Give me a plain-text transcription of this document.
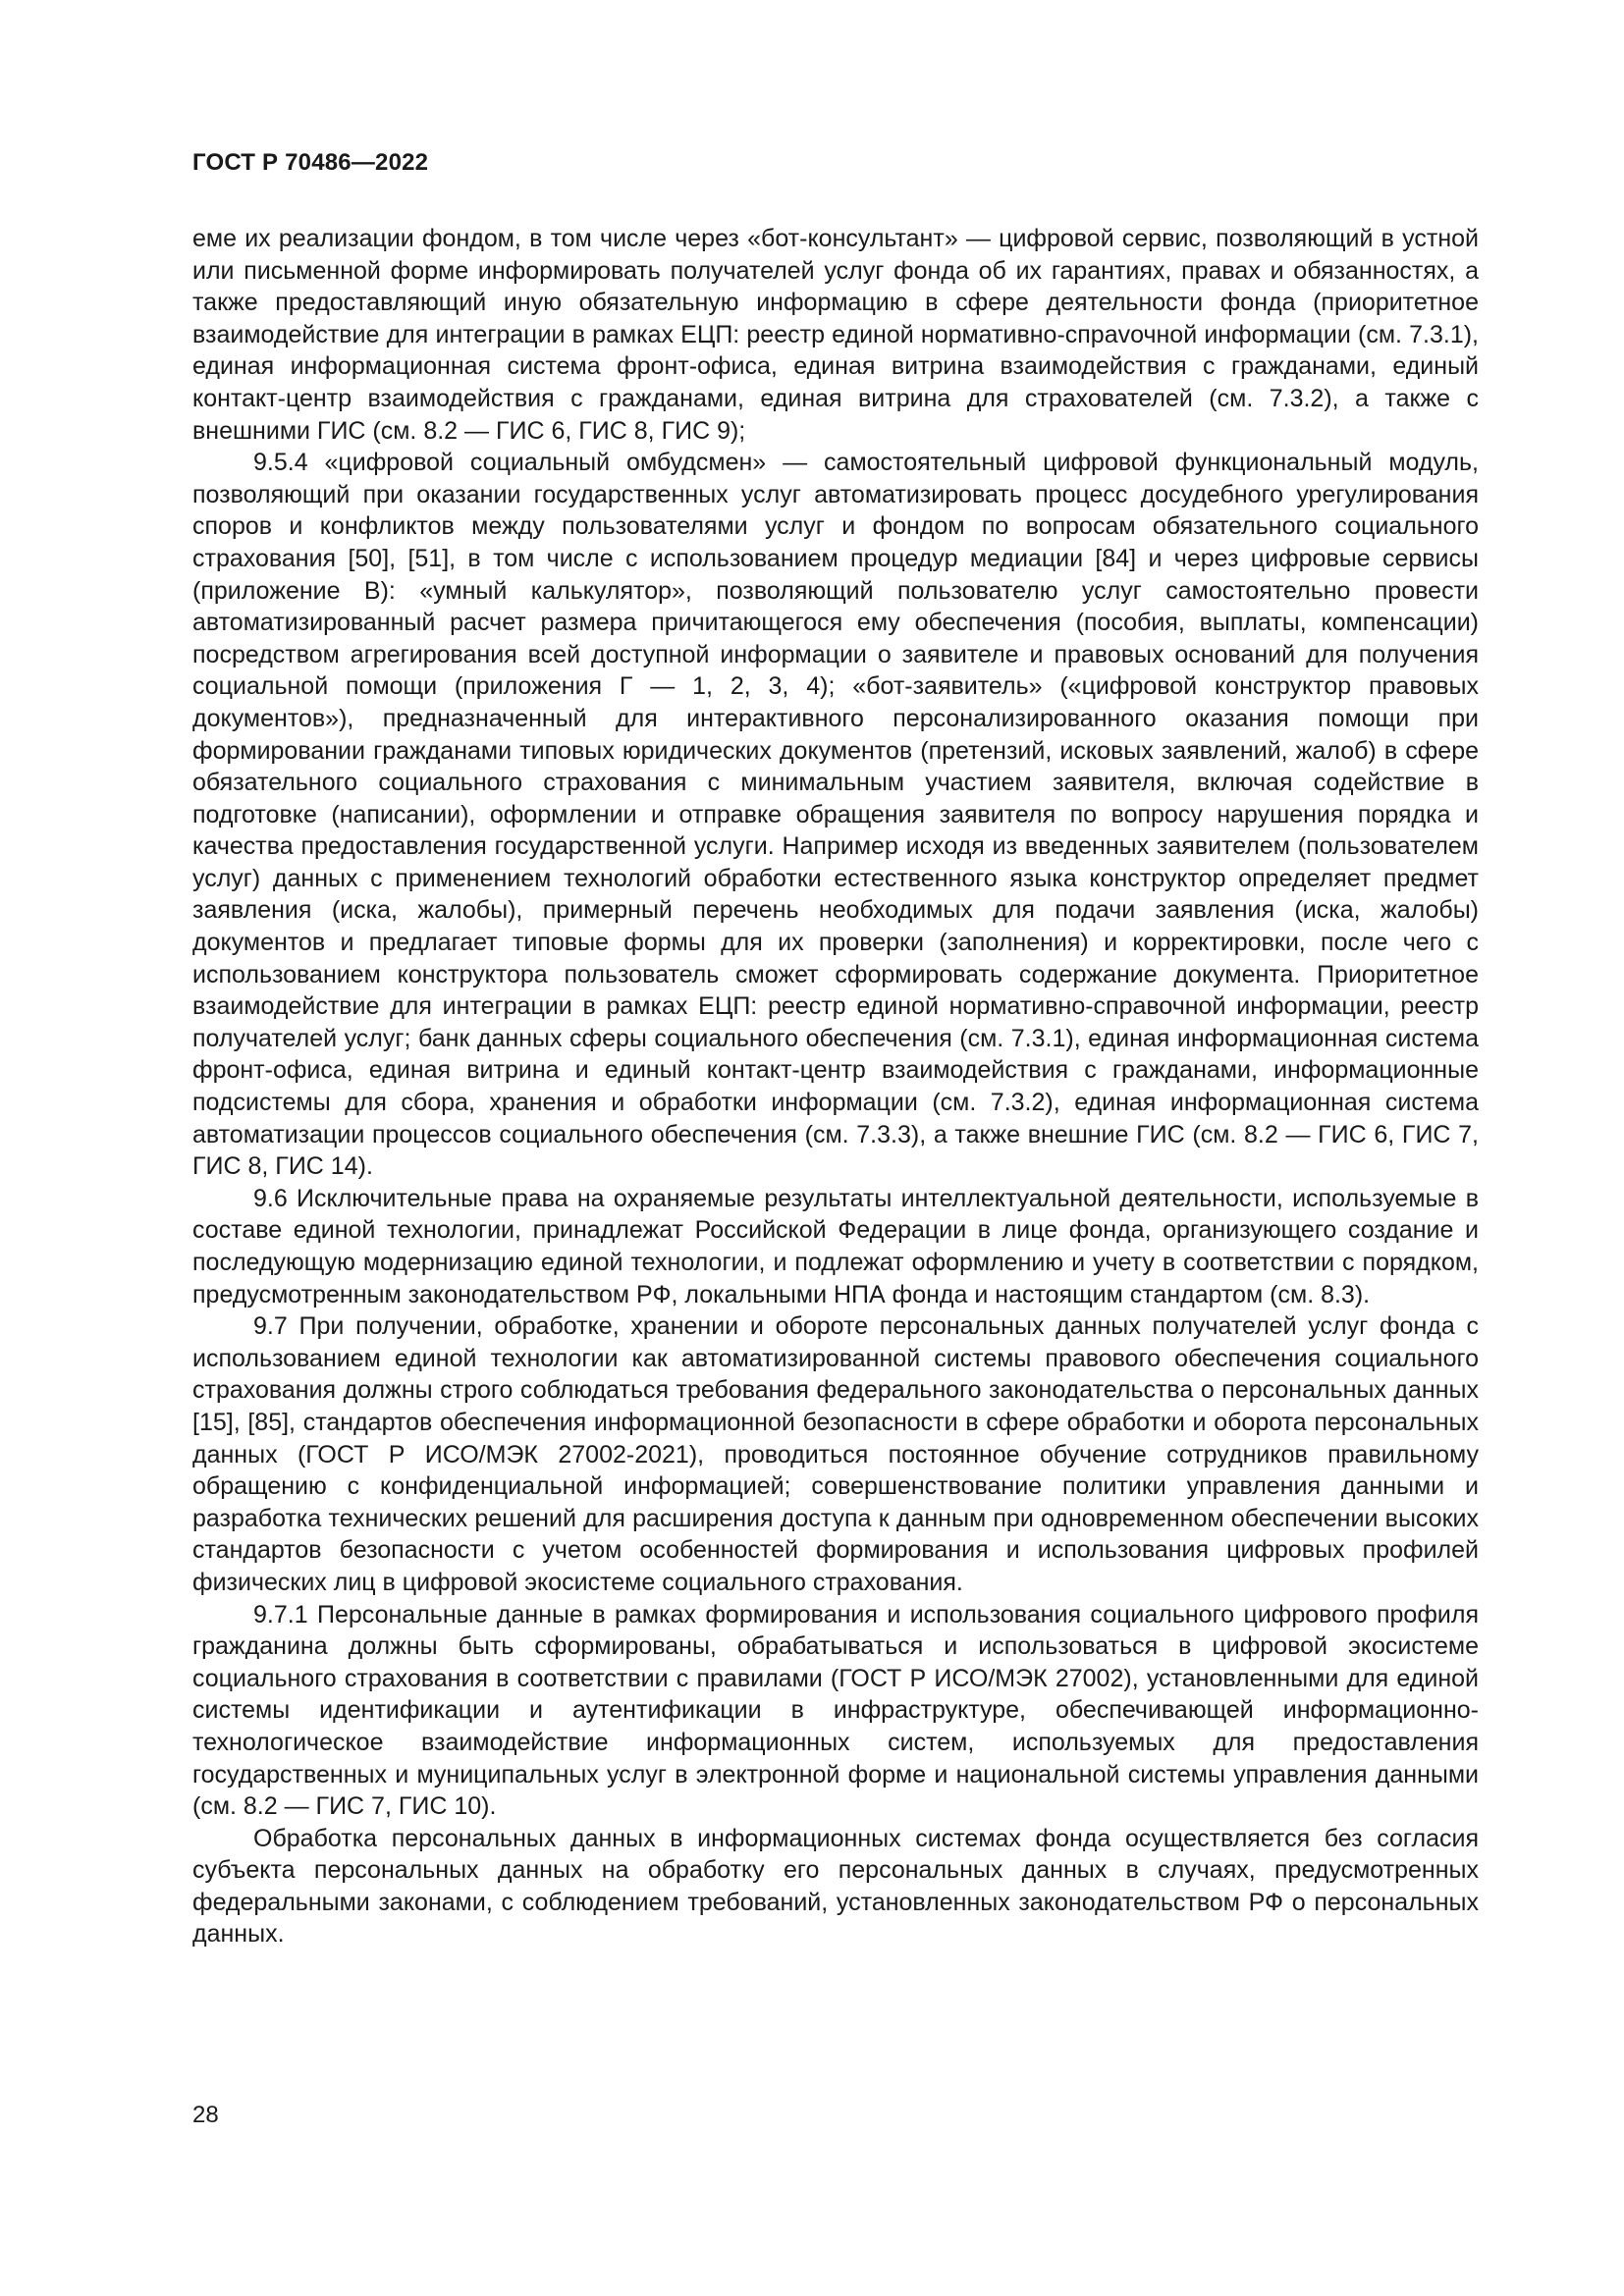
ГОСТ Р 70486—2022

еме их реализации фондом, в том числе через «бот-консультант» — цифровой сервис, позволяющий в устной или письменной форме информировать получателей услуг фонда об их гарантиях, правах и обязанностях, а также предоставляющий иную обязательную информацию в сфере деятельности фонда (приоритетное взаимодействие для интеграции в рамках ЕЦП: реестр единой нормативно-спраvочной информации (см. 7.3.1), единая информационная система фронт-офиса, единая витрина взаимодействия с гражданами, единый контакт-центр взаимодействия с гражданами, единая витрина для страхователей (см. 7.3.2), а также с внешними ГИС (см. 8.2 — ГИС 6, ГИС 8, ГИС 9);

9.5.4 «цифровой социальный омбудсмен» — самостоятельный цифровой функциональный модуль, позволяющий при оказании государственных услуг автоматизировать процесс досудебного урегулирования споров и конфликтов между пользователями услуг и фондом по вопросам обязательного социального страхования [50], [51], в том числе с использованием процедур медиации [84] и через цифровые сервисы (приложение В): «умный калькулятор», позволяющий пользователю услуг самостоятельно провести автоматизированный расчет размера причитающегося ему обеспечения (пособия, выплаты, компенсации) посредством агрегирования всей доступной информации о заявителе и правовых оснований для получения социальной помощи (приложения Г — 1, 2, 3, 4); «бот-заявитель» («цифровой конструктор правовых документов»), предназначенный для интерактивного персонализированного оказания помощи при формировании гражданами типовых юридических документов (претензий, исковых заявлений, жалоб) в сфере обязательного социального страхования с минимальным участием заявителя, включая содействие в подготовке (написании), оформлении и отправке обращения заявителя по вопросу нарушения порядка и качества предоставления государственной услуги. Например исходя из введенных заявителем (пользователем услуг) данных с применением технологий обработки естественного языка конструктор определяет предмет заявления (иска, жалобы), примерный перечень необходимых для подачи заявления (иска, жалобы) документов и предлагает типовые формы для их проверки (заполнения) и корректировки, после чего с использованием конструктора пользователь сможет сформировать содержание документа. Приоритетное взаимодействие для интеграции в рамках ЕЦП: реестр единой нормативно-справочной информации, реестр получателей услуг; банк данных сферы социального обеспечения (см. 7.3.1), единая информационная система фронт-офиса, единая витрина и единый контакт-центр взаимодействия с гражданами, информационные подсистемы для сбора, хранения и обработки информации (см. 7.3.2), единая информационная система автоматизации процессов социального обеспечения (см. 7.3.3), а также внешние ГИС (см. 8.2 — ГИС 6, ГИС 7, ГИС 8, ГИС 14).

9.6 Исключительные права на охраняемые результаты интеллектуальной деятельности, используемые в составе единой технологии, принадлежат Российской Федерации в лице фонда, организующего создание и последующую модернизацию единой технологии, и подлежат оформлению и учету в соответствии с порядком, предусмотренным законодательством РФ, локальными НПА фонда и настоящим стандартом (см. 8.3).

9.7 При получении, обработке, хранении и обороте персональных данных получателей услуг фонда с использованием единой технологии как автоматизированной системы правового обеспечения социального страхования должны строго соблюдаться требования федерального законодательства о персональных данных [15], [85], стандартов обеспечения информационной безопасности в сфере обработки и оборота персональных данных (ГОСТ Р ИСО/МЭК 27002-2021), проводиться постоянное обучение сотрудников правильному обращению с конфиденциальной информацией; совершенствование политики управления данными и разработка технических решений для расширения доступа к данным при одновременном обеспечении высоких стандартов безопасности с учетом особенностей формирования и использования цифровых профилей физических лиц в цифровой экосистеме социального страхования.

9.7.1 Персональные данные в рамках формирования и использования социального цифрового профиля гражданина должны быть сформированы, обрабатываться и использоваться в цифровой экосистеме социального страхования в соответствии с правилами (ГОСТ Р ИСО/МЭК 27002), установленными для единой системы идентификации и аутентификации в инфраструктуре, обеспечивающей информационно-технологическое взаимодействие информационных систем, используемых для предоставления государственных и муниципальных услуг в электронной форме и национальной системы управления данными (см. 8.2 — ГИС 7, ГИС 10).

Обработка персональных данных в информационных системах фонда осуществляется без согласия субъекта персональных данных на обработку его персональных данных в случаях, предусмотренных федеральными законами, с соблюдением требований, установленных законодательством РФ о персональных данных.

28
